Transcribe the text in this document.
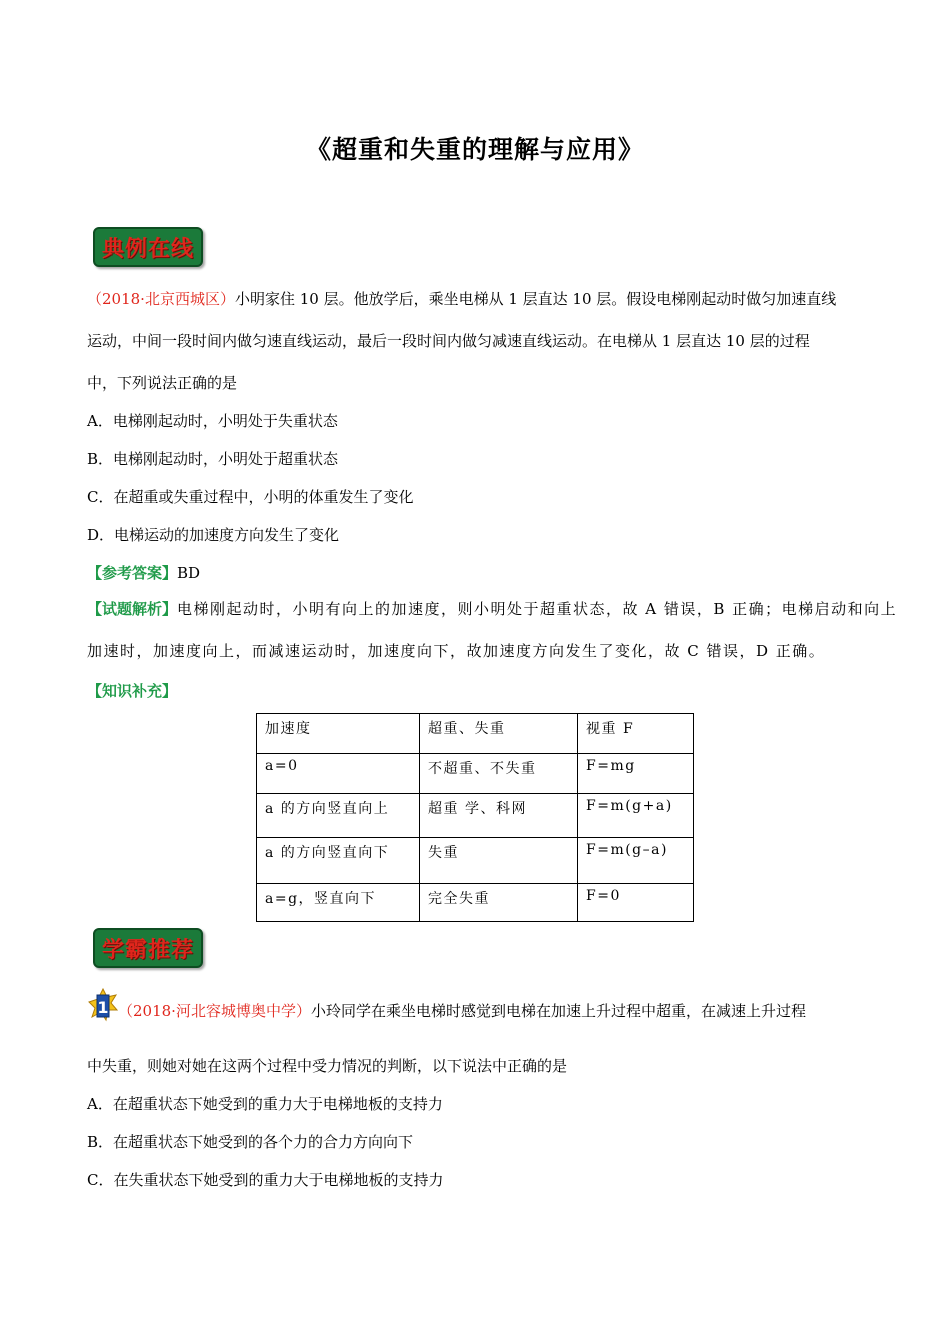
《超重和失重的理解与应用》
典例在线
（2018·北京西城区）小明家住 10 层。他放学后，乘坐电梯从 1 层直达 10 层。假设电梯刚起动时做匀加速直线
运动，中间一段时间内做匀速直线运动，最后一段时间内做匀减速直线运动。在电梯从 1 层直达 10 层的过程
中，下列说法正确的是
A．电梯刚起动时，小明处于失重状态
B．电梯刚起动时，小明处于超重状态
C．在超重或失重过程中，小明的体重发生了变化
D．电梯运动的加速度方向发生了变化
【参考答案】BD
【试题解析】电梯刚起动时，小明有向上的加速度，则小明处于超重状态，故 A 错误，B 正确；电梯启动和向上
加速时，加速度向上，而减速运动时，加速度向下，故加速度方向发生了变化，故 C 错误，D 正确。
【知识补充】
加速度	超重、失重	视重 F
a=0	不超重、不失重	F=mg
a 的方向竖直向上	超重 学、科网	F=m(g+a)
a 的方向竖直向下	失重	F=m(g–a)
a=g，竖直向下	完全失重	F=0
学霸推荐
1 （2018·河北容城博奥中学）小玲同学在乘坐电梯时感觉到电梯在加速上升过程中超重，在减速上升过程
中失重，则她对她在这两个过程中受力情况的判断，以下说法中正确的是
A．在超重状态下她受到的重力大于电梯地板的支持力
B．在超重状态下她受到的各个力的合力方向向下
C．在失重状态下她受到的重力大于电梯地板的支持力
